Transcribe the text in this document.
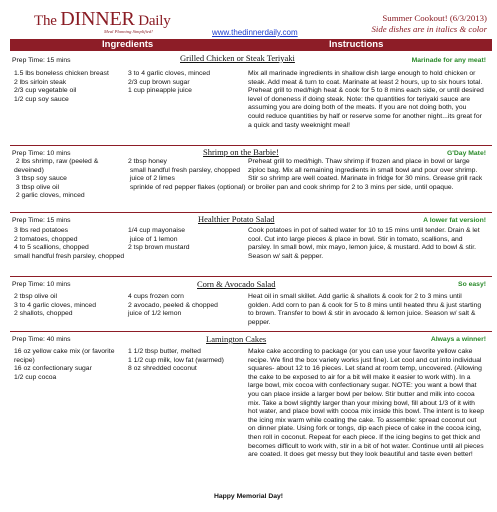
The DINNER Daily
Meal Planning Simplified!
Summer Cookout! (6/3/2013)
Side dishes are in italics & color
www.thedinnerdaily.com
Ingredients	Instructions
Grilled Chicken or Steak Teriyaki
Prep Time: 15 mins	Marinade for any meat!
1.5 lbs boneless chicken breast
2 lbs sirloin steak
2/3 cup vegetable oil
1/2 cup soy sauce
3 to 4 garlic cloves, minced
2/3 cup brown sugar
1 cup pineapple juice
Mix all marinade ingredients in shallow dish large enough to hold chicken or steak. Add meat & turn to coat. Marinate at least 2 hours, up to six hours total. Preheat grill to med/high heat & cook for 5 to 8 mins each side, or until desired level of doneness if doing steak. Note: the quantities for teriyaki sauce are assuming you are doing both of the meats. If you are not doing both, you could reduce quantities by half or reserve some for another night...its great for a quick and tasty weeknight meal!
Shrimp on the Barbie!
Prep Time: 10 mins	G'Day Mate!
2 lbs shrimp, raw (peeled & deveined)
3 tbsp soy sauce
3 tbsp olive oil
2 garlic cloves, minced
2 tbsp honey
small handful fresh parsley, chopped
juice of 2 limes
sprinkle of red pepper flakes (optional)
Preheat grill to med/high. Thaw shrimp if frozen and place in bowl or large ziploc bag. Mix all remaining ingredients in small bowl and pour over shrimp. Stir so shrimp are well coated. Marinate in fridge for 30 mins. Grease grill rack or broiler pan and cook shrimp for 2 to 3 mins per side, until opaque.
Healthier Potato Salad
Prep Time: 15 mins	A lower fat version!
3 lbs red potatoes
2 tomatoes, chopped
4 to 5 scallions, chopped
small handful fresh parsley, chopped
1/4 cup mayonaise
juice of 1 lemon
2 tsp brown mustard
Cook potatoes in pot of salted water for 10 to 15 mins until tender. Drain & let cool. Cut into large pieces & place in bowl. Stir in tomato, scallions, and parsley. In small bowl, mix mayo, lemon juice, & mustard. Add to bowl & stir. Season w/ salt & pepper.
Corn & Avocado Salad
Prep Time: 10 mins	So easy!
2 tbsp olive oil
3 to 4 garlic cloves, minced
2 shallots, chopped
4 cups frozen corn
2 avocado, peeled & chopped
juice of 1/2 lemon
Heat oil in small skillet. Add garlic & shallots & cook for 2 to 3 mins until golden. Add corn to pan & cook for 5 to 8 mins until heated thru & just starting to brown. Transfer to bowl & stir in avocado & lemon juice. Season w/ salt & pepper.
Lamington Cakes
Prep Time: 40 mins	Always a winner!
16 oz yellow cake mix (or favorite recipe)
16 oz confectionary sugar
1/2 cup cocoa
1 1/2 tbsp butter, melted
1 1/2 cup milk, low fat (warmed)
8 oz shredded coconut
Make cake according to package (or you can use your favorite yellow cake recipe. We find the box variety works just fine). Let cool and cut into individual squares- about 12 to 16 pieces. Let stand at room temp, uncovered. (Allowing the cake to be exposed to air for a bit will make it easier to work with). In a large bowl, mix cocoa with confectionary sugar. NOTE: you want a bowl that you can place inside a larger bowl per below. Stir butter and milk into cocoa mix. Take a bowl slightly larger than your mixing bowl, fill about 1/3 of it with hot water, and place bowl with cocoa mix inside this bowl. The intent is to keep the icing mix warm while coating the cake. To assemble: spread coconut out on dinner plate. Using fork or tongs, dip each piece of cake in the cocoa icing, then roll in coconut. Repeat for each piece. If the icing begins to get thick and becomes difficult to work with, stir in a bit of hot water. Continue until all pieces are coated. It does get messy but they look beautiful and taste even better!
Happy Memorial Day!
